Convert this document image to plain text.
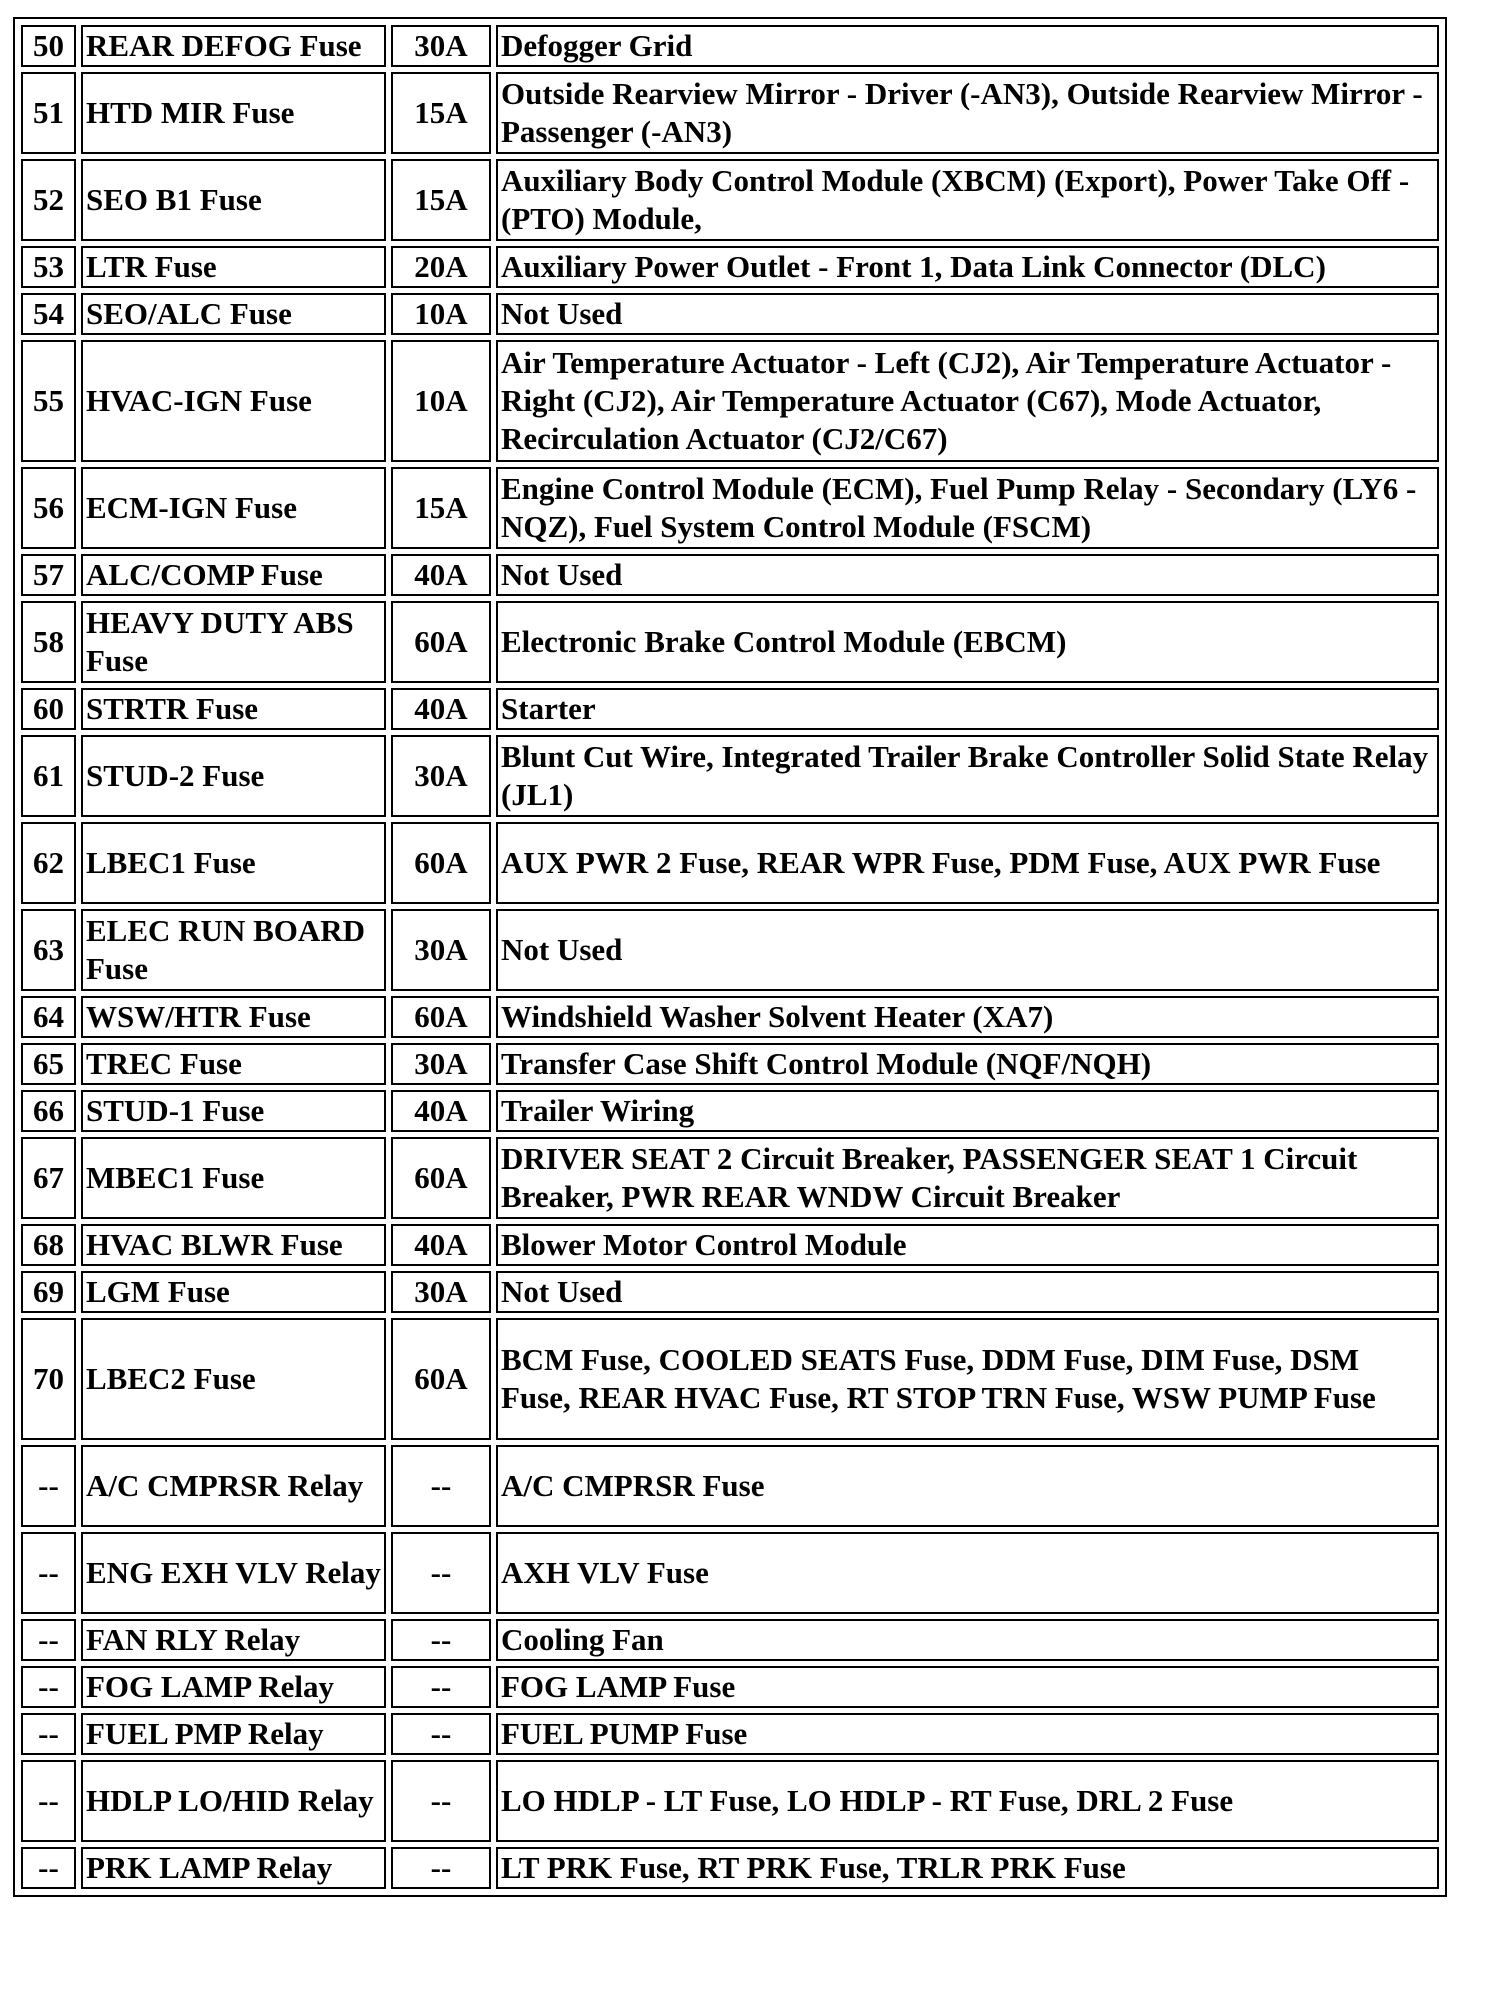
50	REAR DEFOG Fuse	30A	Defogger Grid
51	HTD MIR Fuse	15A	Outside Rearview Mirror - Driver (-AN3), Outside Rearview Mirror - Passenger (-AN3)
52	SEO B1 Fuse	15A	Auxiliary Body Control Module (XBCM) (Export), Power Take Off - (PTO) Module,
53	LTR Fuse	20A	Auxiliary Power Outlet - Front 1, Data Link Connector (DLC)
54	SEO/ALC Fuse	10A	Not Used
55	HVAC-IGN Fuse	10A	Air Temperature Actuator - Left (CJ2), Air Temperature Actuator - Right (CJ2), Air Temperature Actuator (C67), Mode Actuator, Recirculation Actuator (CJ2/C67)
56	ECM-IGN Fuse	15A	Engine Control Module (ECM), Fuel Pump Relay - Secondary (LY6 -NQZ), Fuel System Control Module (FSCM)
57	ALC/COMP Fuse	40A	Not Used
58	HEAVY DUTY ABS Fuse	60A	Electronic Brake Control Module (EBCM)
60	STRTR Fuse	40A	Starter
61	STUD-2 Fuse	30A	Blunt Cut Wire, Integrated Trailer Brake Controller Solid State Relay (JL1)
62	LBEC1 Fuse	60A	AUX PWR 2 Fuse, REAR WPR Fuse, PDM Fuse, AUX PWR Fuse
63	ELEC RUN BOARD Fuse	30A	Not Used
64	WSW/HTR Fuse	60A	Windshield Washer Solvent Heater (XA7)
65	TREC Fuse	30A	Transfer Case Shift Control Module (NQF/NQH)
66	STUD-1 Fuse	40A	Trailer Wiring
67	MBEC1 Fuse	60A	DRIVER SEAT 2 Circuit Breaker, PASSENGER SEAT 1 Circuit Breaker, PWR REAR WNDW Circuit Breaker
68	HVAC BLWR Fuse	40A	Blower Motor Control Module
69	LGM Fuse	30A	Not Used
70	LBEC2 Fuse	60A	BCM Fuse, COOLED SEATS Fuse, DDM Fuse, DIM Fuse, DSM Fuse, REAR HVAC Fuse, RT STOP TRN Fuse, WSW PUMP Fuse
--	A/C CMPRSR Relay	--	A/C CMPRSR Fuse
--	ENG EXH VLV Relay	--	AXH VLV Fuse
--	FAN RLY Relay	--	Cooling Fan
--	FOG LAMP Relay	--	FOG LAMP Fuse
--	FUEL PMP Relay	--	FUEL PUMP Fuse
--	HDLP LO/HID Relay	--	LO HDLP - LT Fuse, LO HDLP - RT Fuse, DRL 2 Fuse
--	PRK LAMP Relay	--	LT PRK Fuse, RT PRK Fuse, TRLR PRK Fuse
